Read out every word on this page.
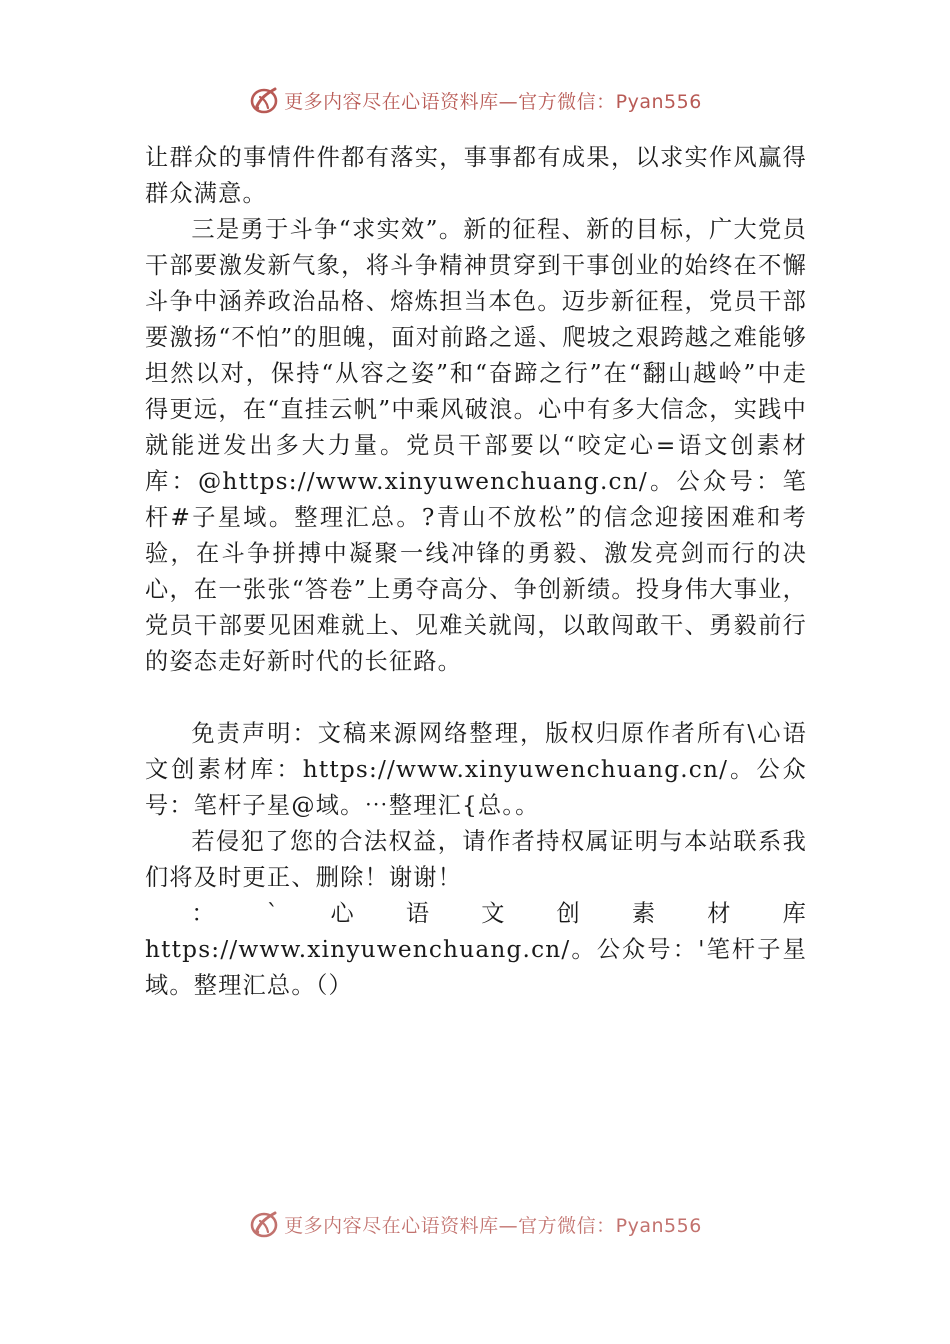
更多内容尽在心语资料库—官方微信：Pyan556

让群众的事情件件都有落实，事事都有成果，以求实作风赢得群众满意。

三是勇于斗争“求实效”。新的征程、新的目标，广大党员干部要激发新气象，将斗争精神贯穿到干事创业的始终在不懈斗争中涵养政治品格、熔炼担当本色。迈步新征程，党员干部要激扬“不怕”的胆魄，面对前路之遥、爬坡之艰跨越之难能够坦然以对，保持“从容之姿”和“奋蹄之行”在“翻山越岭”中走得更远，在“直挂云帆”中乘风破浪。心中有多大信念，实践中就能迸发出多大力量。党员干部要以“咬定心=语文创素材库：@https://www.xinyuwenchuang.cn/。公众号：笔杆#子星域。整理汇总。?青山不放松”的信念迎接困难和考验，在斗争拼搏中凝聚一线冲锋的勇毅、激发亮剑而行的决心，在一张张“答卷”上勇夺高分、争创新绩。投身伟大事业，党员干部要见困难就上、见难关就闯，以敢闯敢干、勇毅前行的姿态走好新时代的长征路。

免责声明：文稿来源网络整理，版权归原作者所有\心语文创素材库：https://www.xinyuwenchuang.cn/。公众号：笔杆子星@域。⋯整理汇{总。。

若侵犯了您的合法权益，请作者持权属证明与本站联系我们将及时更正、删除！谢谢！

： ˋ 心 语 文 创 素 材 库

https://www.xinyuwenchuang.cn/。公众号：'笔杆子星域。整理汇总。（）

更多内容尽在心语资料库—官方微信：Pyan556
